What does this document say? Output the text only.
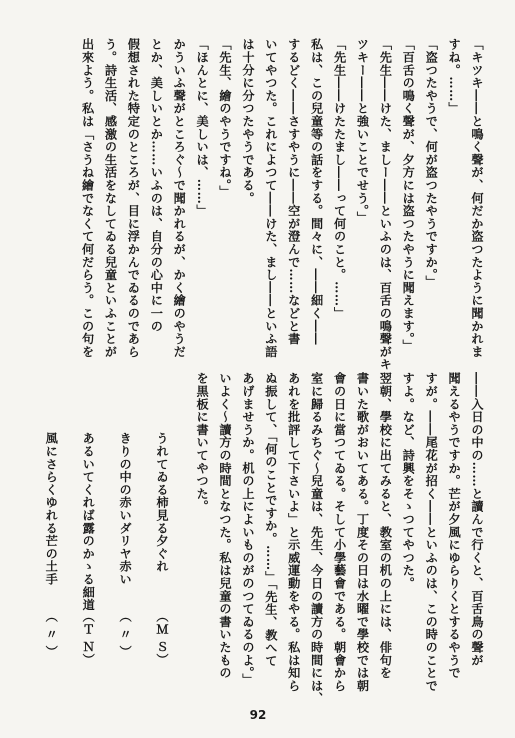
「キツキ――と鳴く聲が、何だか盗つたように聞かれま

すね。……」

「盗つたやうで、何が盗つたやうですか。」

「百舌の鳴く聲が、夕方には盗つたやうに聞えます。」

「先生――けた、ましー――といふのは、百舌の鳴聲がキ

ツキー――と強いことでせう。」

「先生――けたたまし――って何のこと。……」

私は、この兒童等の話をする。間々に、――細く――

するどく――さすやうに――空が澄んで……などと書

いてやつた。これによつて――けた、まし――といふ語

は十分に分つたやうである。

「先生、繪のやうですね。」

「ほんとに、美しいは、……」

かういふ聲がところぐ～で聞かれるが、かく繪のやうだ

とか、美しいとか……いふのは、自分の心中に一の

假想された特定のところが、目に浮かんでゐるのであら

う。詩生活、感激の生活をなしてゐる兒童といふことが

出來よう。私は「さうね繪でなくて何だらう。この句を

――入日の中の……と讀んで行くと、百舌鳥の聲が

聞えるやうですか。芒が夕風にゆらりくとするやうで

すが。――尾花が招く――といふのは、この時のことで

すよ。など、詩興をそゝつてやつた。

翌朝、學校に出てみると、教室の机の上には、俳句を

書いた歌がおいてある。丁度その日は水曜で學校では朝

會の日に當つてゐる。そして小學藝會である。朝會から

室に歸るみちぐ～兒童は、先生、今日の讀方の時間には、

あれを批評して下さいよ」と示威運動をやる。私は知ら

ぬ振して、「何のことですか。……」「先生、教へて

あげませうか。机の上によいものがのつてゐるのよ。」

いよく～讀方の時間となつた。私は兒童の書いたもの

を黒板に書いてやつた。

うれてゐる柿見る夕ぐれ
（Ｍ Ｓ）
きりの中の赤いダリヤ赤い
（ 〃 ）
あるいてくれば露のかゝる細道
（Ｔ Ｎ）
風にさらくゆれる芒の土手
（ 〃 ）
92
